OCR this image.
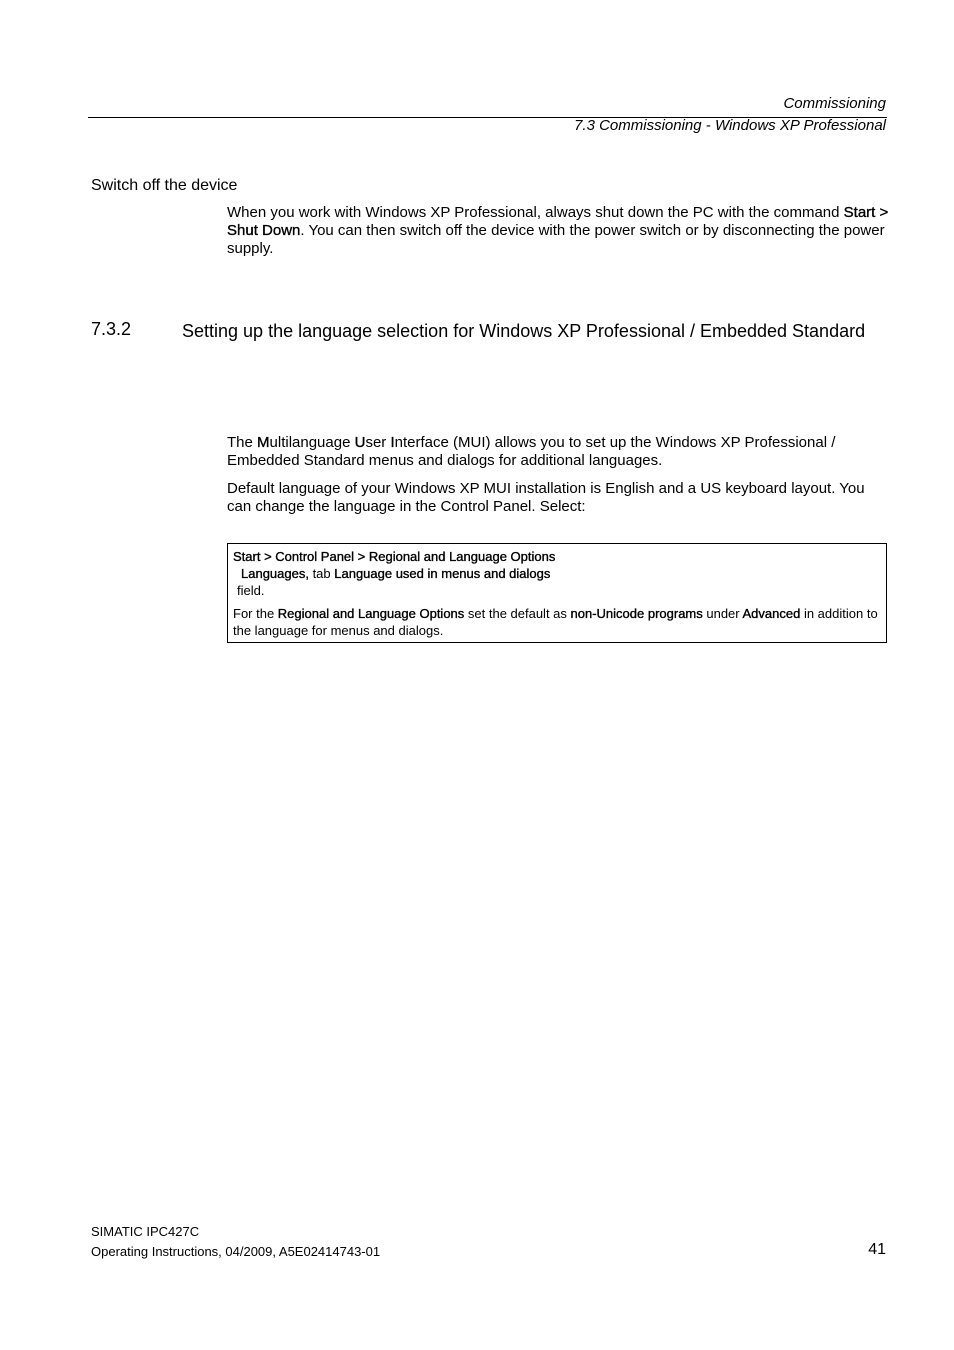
Commissioning
7.3 Commissioning - Windows XP Professional
Switch off the device
When you work with Windows XP Professional, always shut down the PC with the command Start > Shut Down. You can then switch off the device with the power switch or by disconnecting the power supply.
7.3.2	Setting up the language selection for Windows XP Professional / Embedded Standard
The Multilanguage User Interface (MUI) allows you to set up the Windows XP Professional / Embedded Standard menus and dialogs for additional languages.
Default language of your Windows XP MUI installation is English and a US keyboard layout. You can change the language in the Control Panel. Select:
Start > Control Panel > Regional and Language Options
Languages, tab Language used in menus and dialogs
field.
For the Regional and Language Options set the default as non-Unicode programs under Advanced in addition to the language for menus and dialogs.
SIMATIC IPC427C
Operating Instructions, 04/2009, A5E02414743-01	41
